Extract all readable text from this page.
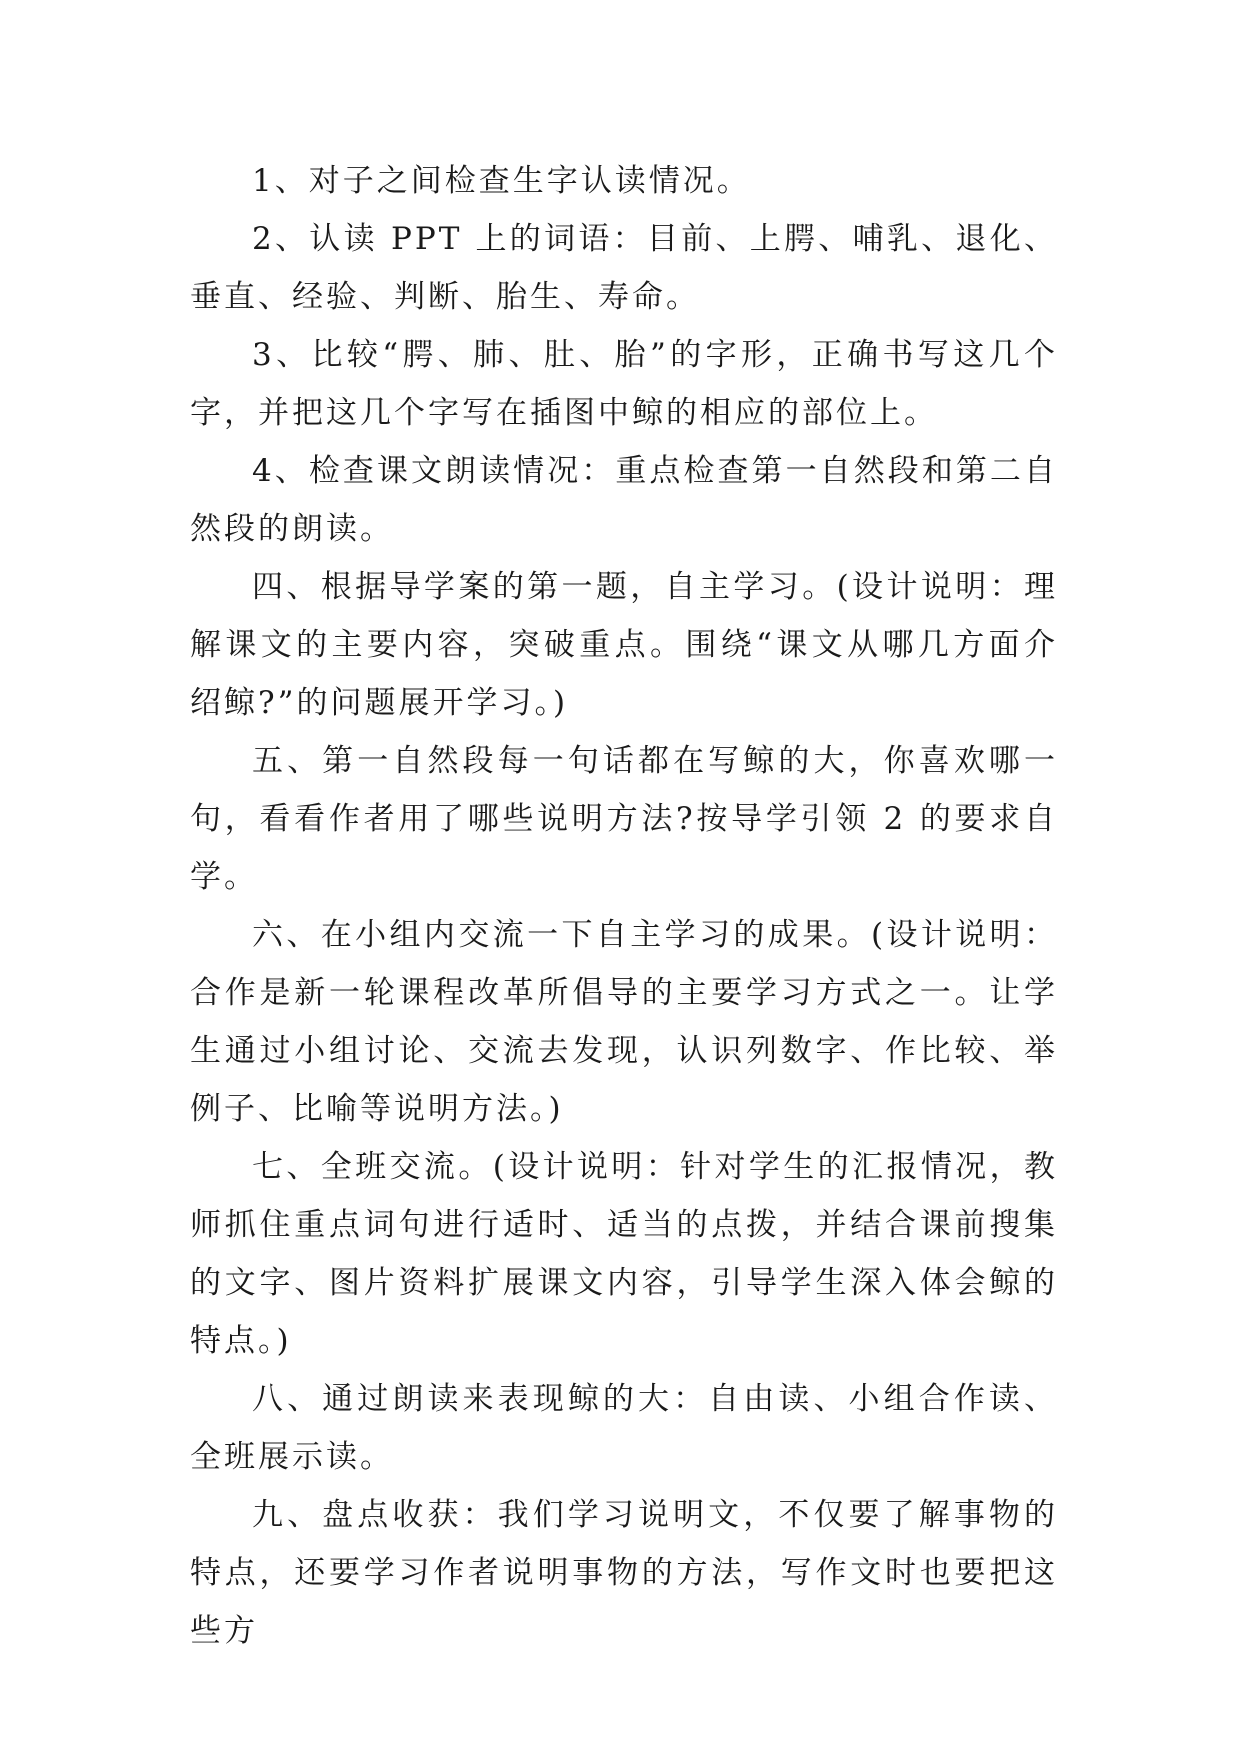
1、对子之间检查生字认读情况。

2、认读 PPT 上的词语：目前、上腭、哺乳、退化、垂直、经验、判断、胎生、寿命。

3、比较“腭、肺、肚、胎”的字形，正确书写这几个字，并把这几个字写在插图中鲸的相应的部位上。

4、检查课文朗读情况：重点检查第一自然段和第二自然段的朗读。

四、根据导学案的第一题，自主学习。(设计说明：理解课文的主要内容，突破重点。围绕“课文从哪几方面介绍鲸?”的问题展开学习。)

五、第一自然段每一句话都在写鲸的大，你喜欢哪一句，看看作者用了哪些说明方法?按导学引领 2 的要求自学。

六、在小组内交流一下自主学习的成果。(设计说明：合作是新一轮课程改革所倡导的主要学习方式之一。让学生通过小组讨论、交流去发现，认识列数字、作比较、举例子、比喻等说明方法。)

七、全班交流。(设计说明：针对学生的汇报情况，教师抓住重点词句进行适时、适当的点拨，并结合课前搜集的文字、图片资料扩展课文内容，引导学生深入体会鲸的特点。)

八、通过朗读来表现鲸的大：自由读、小组合作读、全班展示读。

九、盘点收获：我们学习说明文，不仅要了解事物的特点，还要学习作者说明事物的方法，写作文时也要把这些方
